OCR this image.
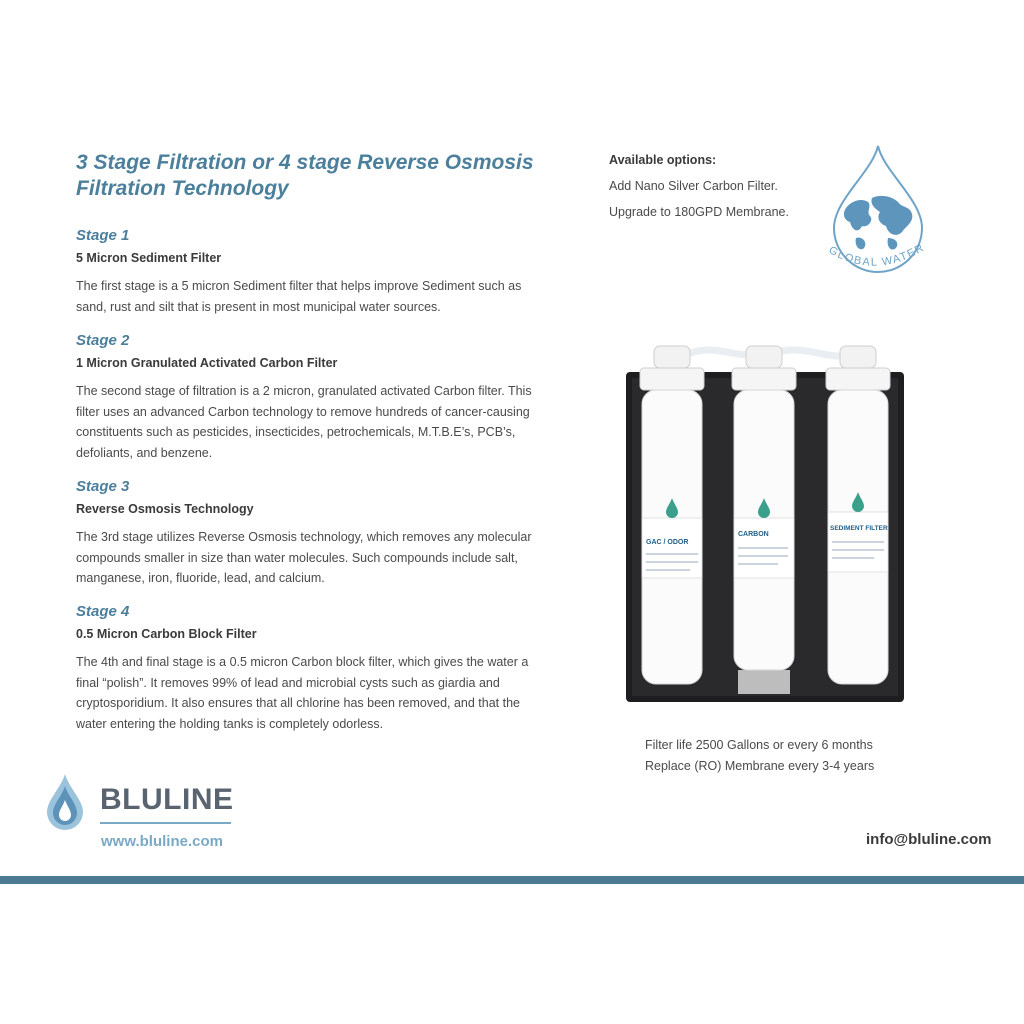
3 Stage Filtration or 4 stage Reverse Osmosis
Filtration Technology

Stage 1

5 Micron Sediment Filter

The first stage is a 5 micron Sediment filter that helps improve Sediment such as sand, rust and silt that is present in most municipal water sources.

Stage 2

1 Micron Granulated Activated Carbon Filter

The second stage of filtration is a 2 micron, granulated activated Carbon filter. This filter uses an advanced Carbon technology to remove hundreds of cancer-causing constituents such as pesticides, insecticides, petrochemicals, M.T.B.E’s, PCB’s, defoliants, and benzene.

Stage 3

Reverse Osmosis Technology

The 3rd stage utilizes Reverse Osmosis technology, which removes any molecular compounds smaller in size than water molecules. Such compounds include salt, manganese, iron, fluoride, lead, and calcium.

Stage 4

0.5 Micron Carbon Block Filter

The 4th and final stage is a 0.5 micron Carbon block filter, which gives the water a final “polish”. It removes 99% of lead and microbial cysts such as giardia and cryptosporidium. It also ensures that all chlorine has been removed, and that the water entering the holding tanks is completely odorless.

Available options:

Add Nano Silver Carbon Filter.

Upgrade to 180GPD Membrane.

GLOBAL WATER
GAC / ODOR
CARBON
SEDIMENT FILTER

Filter life 2500 Gallons or every 6 months

Replace (RO) Membrane every 3-4 years

BLULINE

www.bluline.com	info@bluline.com
